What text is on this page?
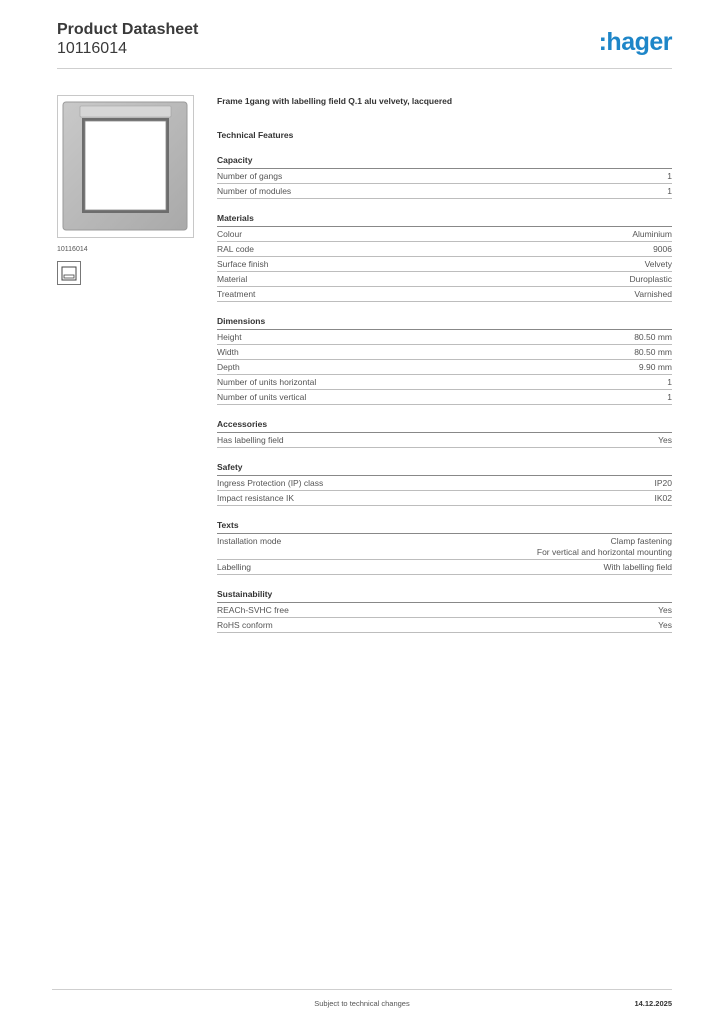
Product Datasheet
10116014	:hager
10116014
Frame 1gang with labelling field Q.1 alu velvety, lacquered
Technical Features
Capacity
Number of gangs	1
Number of modules	1
Materials
Colour	Aluminium
RAL code	9006
Surface finish	Velvety
Material	Duroplastic
Treatment	Varnished
Dimensions
Height	80.50 mm
Width	80.50 mm
Depth	9.90 mm
Number of units horizontal	1
Number of units vertical	1
Accessories
Has labelling field	Yes
Safety
Ingress Protection (IP) class	IP20
Impact resistance IK	IK02
Texts
Installation mode	Clamp fastening
For vertical and horizontal mounting
Labelling	With labelling field
Sustainability
REACh-SVHC free	Yes
RoHS conform	Yes
Subject to technical changes	14.12.2025
